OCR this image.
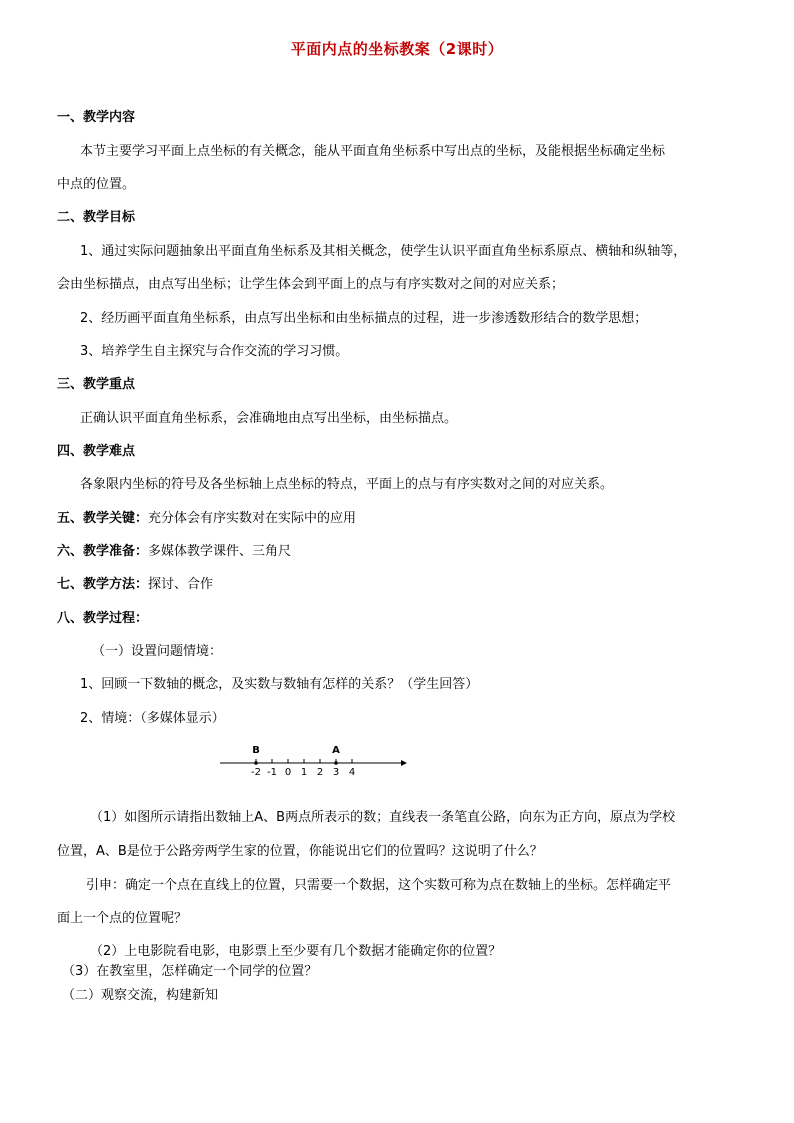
平面内点的坐标教案（2课时）
一、教学内容
本节主要学习平面上点坐标的有关概念，能从平面直角坐标系中写出点的坐标，及能根据坐标确定坐标
中点的位置。
二、教学目标
1、通过实际问题抽象出平面直角坐标系及其相关概念，使学生认识平面直角坐标系原点、横轴和纵轴等，
会由坐标描点，由点写出坐标；让学生体会到平面上的点与有序实数对之间的对应关系；
2、经历画平面直角坐标系，由点写出坐标和由坐标描点的过程，进一步渗透数形结合的数学思想；
3、培养学生自主探究与合作交流的学习习惯。
三、教学重点
正确认识平面直角坐标系，会准确地由点写出坐标，由坐标描点。
四、教学难点
各象限内坐标的符号及各坐标轴上点坐标的特点，平面上的点与有序实数对之间的对应关系。
五、教学关键：充分体会有序实数对在实际中的应用
六、教学准备：多媒体教学课件、三角尺
七、教学方法：探讨、合作
八、教学过程：
（一）设置问题情境：
1、回顾一下数轴的概念，及实数与数轴有怎样的关系？（学生回答）
2、情境：（多媒体显示）
-2 -1 0 1 2 3 4
B	A
（1）如图所示请指出数轴上A、B两点所表示的数；直线表一条笔直公路，向东为正方向，原点为学校
位置，A、B是位于公路旁两学生家的位置，你能说出它们的位置吗？这说明了什么？
引申：确定一个点在直线上的位置，只需要一个数据，这个实数可称为点在数轴上的坐标。怎样确定平
面上一个点的位置呢？
（2）上电影院看电影，电影票上至少要有几个数据才能确定你的位置？
（3）在教室里，怎样确定一个同学的位置？
（二）观察交流，构建新知
